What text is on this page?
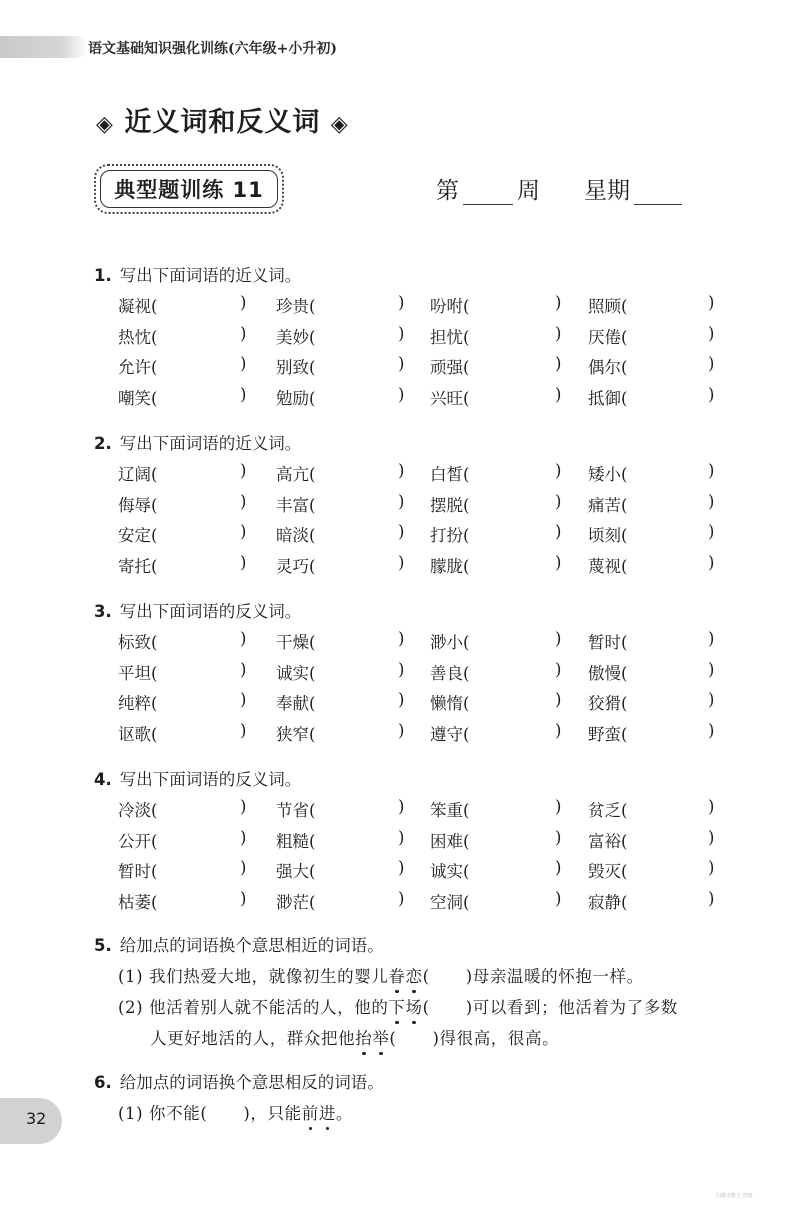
语文基础知识强化训练(六年级+小升初)
◈ 近义词和反义词 ◈
典型题训练 11	第	周 星期
1. 写出下面词语的近义词。
凝视(	) 珍贵(	) 吩咐(	) 照顾(	)
热忱(	) 美妙(	) 担忧(	) 厌倦(	)
允许(	) 别致(	) 顽强(	) 偶尔(	)
嘲笑(	) 勉励(	) 兴旺(	) 抵御(	)
2. 写出下面词语的近义词。
辽阔(	) 高亢(	) 白皙(	) 矮小(	)
侮辱(	) 丰富(	) 摆脱(	) 痛苦(	)
安定(	) 暗淡(	) 打扮(	) 顷刻(	)
寄托(	) 灵巧(	) 朦胧(	) 蔑视(	)
3. 写出下面词语的反义词。
标致(	) 干燥(	) 渺小(	) 暂时(	)
平坦(	) 诚实(	) 善良(	) 傲慢(	)
纯粹(	) 奉献(	) 懒惰(	) 狡猾(	)
讴歌(	) 狭窄(	) 遵守(	) 野蛮(	)
4. 写出下面词语的反义词。
冷淡(	) 节省(	) 笨重(	) 贫乏(	)
公开(	) 粗糙(	) 困难(	) 富裕(	)
暂时(	) 强大(	) 诚实(	) 毁灭(	)
枯萎(	) 渺茫(	) 空洞(	) 寂静(	)
5. 给加点的词语换个意思相近的词语。
(1) 我们热爱大地，就像初生的婴儿眷恋( )母亲温暖的怀抱一样。
(2) 他活着别人就不能活的人，他的下场( )可以看到；他活着为了多数
人更好地活的人，群众把他抬举( )得很高，很高。
6. 给加点的词语换个意思相反的词语。
(1) 你不能( )，只能前进。
32
扫描全能王 创建
